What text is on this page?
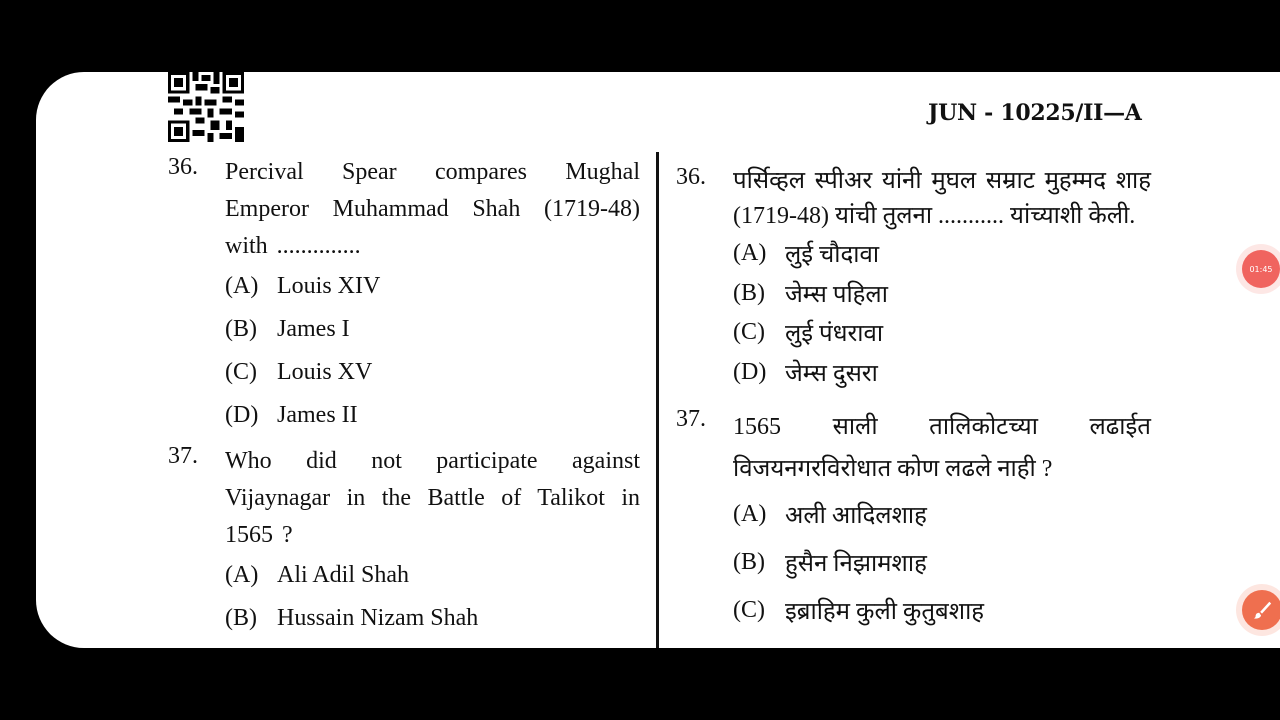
JUN - 10225/II—A
36.	Percival Spear compares Mughal Emperor Muhammad Shah (1719-48) with ..............
(A) Louis XIV
(B) James I
(C) Louis XV
(D) James II
37.	Who did not participate against Vijaynagar in the Battle of Talikot in 1565 ?
(A) Ali Adil Shah
(B) Hussain Nizam Shah
36.	पर्सिव्हल स्पीअर यांनी मुघल सम्राट मुहम्मद शाह (1719-48) यांची तुलना ........... यांच्याशी केली.
(A) लुई चौदावा
(B) जेम्स पहिला
(C) लुई पंधरावा
(D) जेम्स दुसरा
37.	1565 साली तालिकोटच्या लढाईत विजयनगरविरोधात कोण लढले नाही ?
(A) अली आदिलशाह
(B) हुसैन निझामशाह
(C) इब्राहिम कुली कुतुबशाह
01:45
